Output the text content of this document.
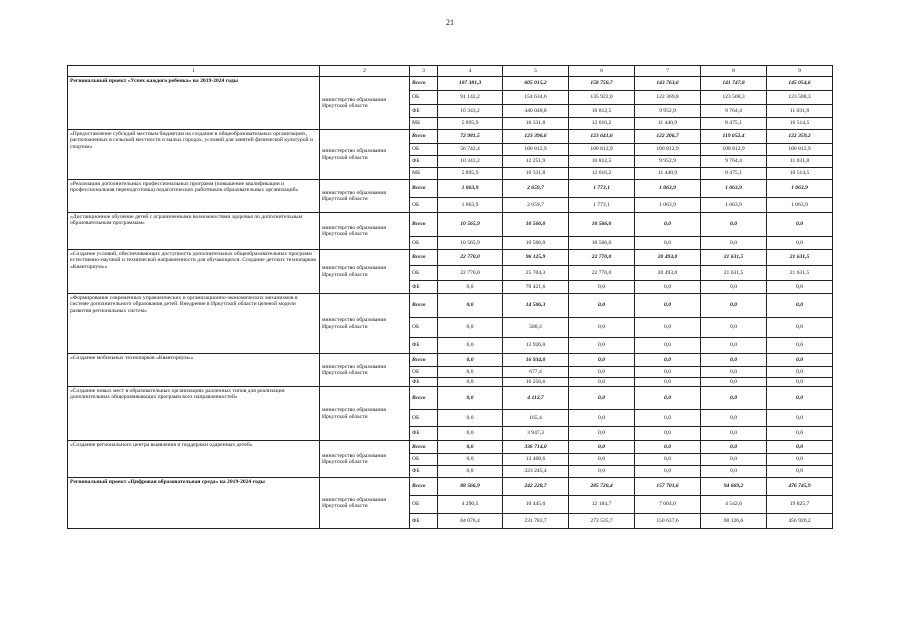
21
1	2	3	4	5	6	7	8	9
Региональный проект «Успех каждого ребенка» на 2019-2024 годы	министерство образования Иркутской области	Всего	107 381,3	605 015,2	158 750,7	143 763,6	141 747,8	145 054,6
		ОБ	91 142,2	154 634,6	135 922,0	122 369,8	123 508,3	123 508,3
		ФБ	10 343,2	440 048,8	10 812,5	9 952,9	9 764,4	11 031,8
		МБ	5 895,9	10 331,8	12 016,2	11 440,9	8 475,1	10 514,5
«Предоставление субсидий местным бюджетам на создание в общеобразовательных организациях, расположенных в сельской местности и малых городах, условий для занятий физической культурой и спортом»	министерство образования Иркутской области	Всего	72 981,5	123 396,6	123 641,6	122 206,7	119 052,4	122 359,2
		ОБ	56 742,4	100 812,9	100 812,9	100 812,9	100 812,9	100 812,9
		ФБ	10 343,2	12 251,9	10 812,5	9 952,9	9 764,4	11 031,8
		МБ	5 895,9	10 331,8	12 016,2	11 440,9	8 475,1	10 514,5
«Реализация дополнительных профессиональных программ (повышение квалификации и профессиональная переподготовка) педагогических работников образовательных организаций»	министерство образования Иркутской области	Всего	1 063,9	2 659,7	1 773,1	1 063,9	1 063,9	1 063,9
		ОБ	1 063,9	2 659,7	1 773,1	1 063,9	1 063,9	1 063,9
«Дистанционное обучение детей с ограниченными возможностями здоровья по дополнительным образовательным программам»	министерство образования Иркутской области	Всего	10 565,9	10 566,0	10 566,0	0,0	0,0	0,0
		ОБ	10 565,9	10 566,0	10 566,0	0,0	0,0	0,0
«Создание условий, обеспечивающих доступность дополнительных общеобразовательных программ естественно-научной и технической направленности для обучающихся. Создание детских технопарков «Кванториум»»	министерство образования Иркутской области	Всего	22 770,0	96 125,9	22 770,0	20 493,0	21 631,5	21 631,5
		ОБ	22 770,0	25 704,3	22 770,0	20 493,0	21 631,5	21 631,5
		ФБ	0,0	70 421,6	0,0	0,0	0,0	0,0
«Формирование современных управленческих и организационно-экономических механизмов в системе дополнительного образования детей. Внедрение в Иркутской области целевой модели развития региональных систем»	министерство образования Иркутской области	Всего	0,0	14 506,3	0,0	0,0	0,0	0,0
		ОБ	0,0	580,3	0,0	0,0	0,0	0,0
		ФБ	0,0	13 926,0	0,0	0,0	0,0	0,0
«Создание мобильных технопарков «Кванториум»»	министерство образования Иркутской области	Всего	0,0	16 934,0	0,0	0,0	0,0	0,0
		ОБ	0,0	677,4	0,0	0,0	0,0	0,0
		ФБ	0,0	16 256,6	0,0	0,0	0,0	0,0
«Создание новых мест в образовательных организациях различных типов для реализации дополнительных общеразвивающих программ всех направленностей»	министерство образования Иркутской области	Всего	0,0	4 112,7	0,0	0,0	0,0	0,0
		ОБ	0,0	165,4	0,0	0,0	0,0	0,0
		ФБ	0,0	3 947,3	0,0	0,0	0,0	0,0
«Создание регионального центра выявления и поддержки одаренных детей»	министерство образования Иркутской области	Всего	0,0	336 714,0	0,0	0,0	0,0	0,0
		ОБ	0,0	13 468,6	0,0	0,0	0,0	0,0
		ФБ	0,0	323 245,4	0,0	0,0	0,0	0,0
Региональный проект «Цифровая образовательная среда» на 2019-2024 годы	министерство образования Иркутской области	Всего	88 566,9	242 228,7	285 720,4	157 701,6	94 669,2	476 745,9
		ОБ	4 290,5	10 445,0	12 184,7	7 064,0	4 542,6	19 825,7
		ФБ	84 076,4	231 783,7	273 535,7	150 637,6	90 126,6	456 920,2
